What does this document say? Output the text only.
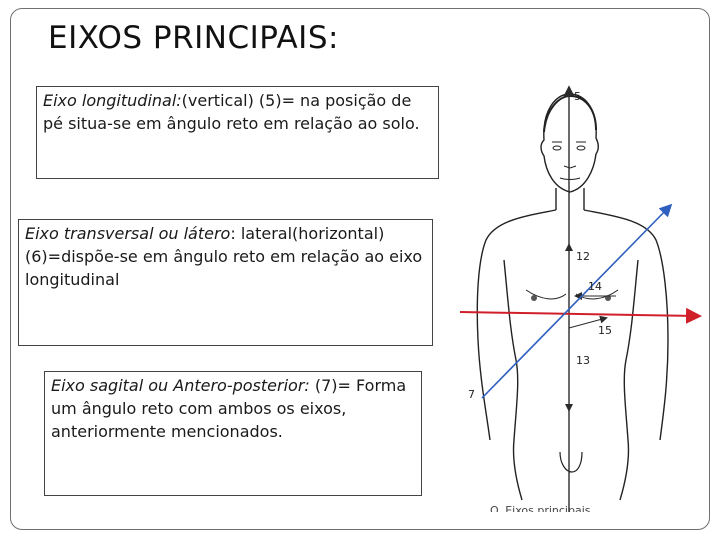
EIXOS PRINCIPAIS:
Eixo longitudinal:(vertical) (5)= na posição de pé situa-se em ângulo reto em relação ao solo.
Eixo transversal ou látero: lateral(horizontal)(6)=dispõe-se em ângulo reto em relação ao eixo longitudinal
Eixo sagital ou Antero-posterior: (7)= Forma um ângulo reto com ambos os eixos, anteriormente mencionados.
5
12
14
15
13
7
O. Eixos principais
